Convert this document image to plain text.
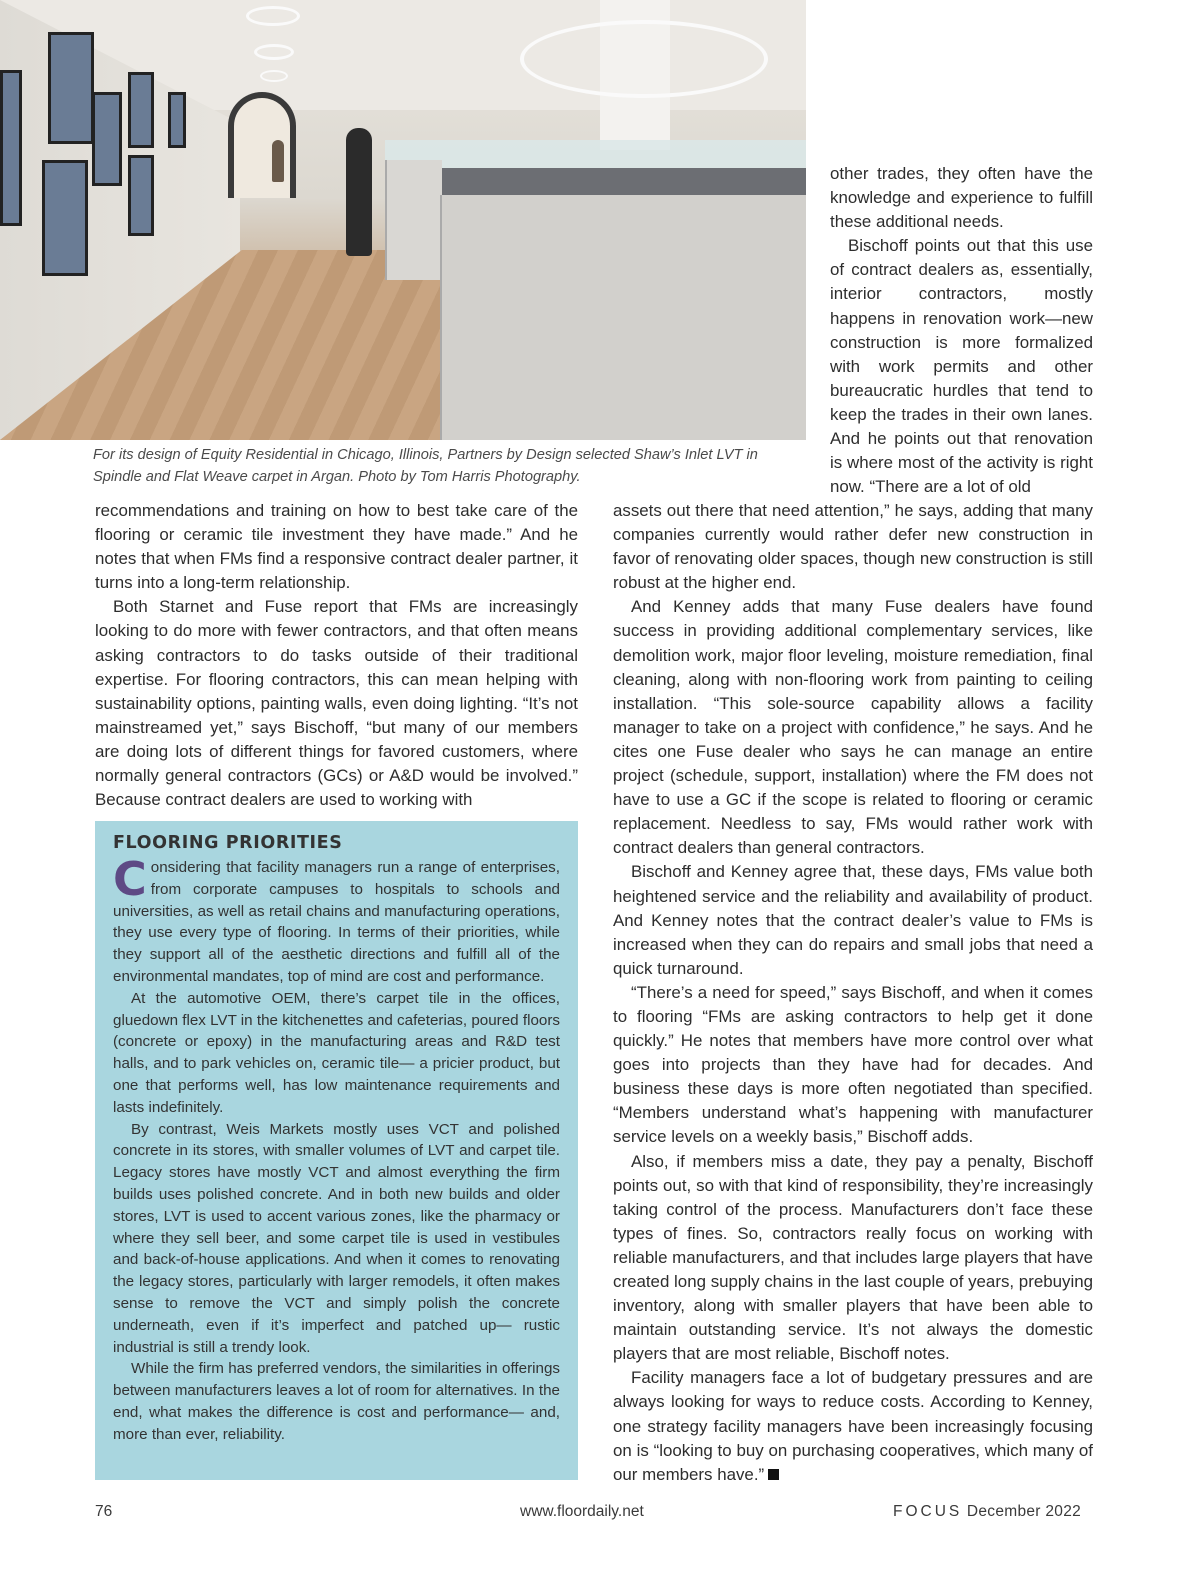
For its design of Equity Residential in Chicago, Illinois, Partners by Design selected Shaw’s Inlet LVT in Spindle and Flat Weave carpet in Argan. Photo by Tom Harris Photography.

other trades, they often have the knowledge and experience to fulfill these additional needs.

Bischoff points out that this use of contract dealers as, essentially, interior contractors, mostly happens in renovation work—new construction is more formalized with work permits and other bureaucratic hurdles that tend to keep the trades in their own lanes. And he points out that renovation is where most of the activity is right now. “There are a lot of old

recommendations and training on how to best take care of the flooring or ceramic tile investment they have made.” And he notes that when FMs find a responsive contract dealer partner, it turns into a long-term relationship.

Both Starnet and Fuse report that FMs are increasingly looking to do more with fewer contractors, and that often means asking contractors to do tasks outside of their traditional expertise. For flooring contractors, this can mean helping with sustainability options, painting walls, even doing lighting. “It’s not mainstreamed yet,” says Bischoff, “but many of our members are doing lots of different things for favored customers, where normally general contractors (GCs) or A&D would be involved.” Because contract dealers are used to working with

assets out there that need attention,” he says, adding that many companies currently would rather defer new construction in favor of renovating older spaces, though new construction is still robust at the higher end.

And Kenney adds that many Fuse dealers have found success in providing additional complementary services, like demolition work, major floor leveling, moisture remediation, final cleaning, along with non-flooring work from painting to ceiling installation. “This sole-source capability allows a facility manager to take on a project with confidence,” he says. And he cites one Fuse dealer who says he can manage an entire project (schedule, support, installation) where the FM does not have to use a GC if the scope is related to flooring or ceramic replacement. Needless to say, FMs would rather work with contract dealers than general contractors.

Bischoff and Kenney agree that, these days, FMs value both heightened service and the reliability and availability of product. And Kenney notes that the contract dealer’s value to FMs is increased when they can do repairs and small jobs that need a quick turnaround.

“There’s a need for speed,” says Bischoff, and when it comes to flooring “FMs are asking contractors to help get it done quickly.” He notes that members have more control over what goes into projects than they have had for decades. And business these days is more often negotiated than specified. “Members understand what’s happening with manufacturer service levels on a weekly basis,” Bischoff adds.

Also, if members miss a date, they pay a penalty, Bischoff points out, so with that kind of responsibility, they’re increasingly taking control of the process. Manufacturers don’t face these types of fines. So, contractors really focus on working with reliable manufacturers, and that includes large players that have created long supply chains in the last couple of years, prebuying inventory, along with smaller players that have been able to maintain outstanding service. It’s not always the domestic players that are most reliable, Bischoff notes.

Facility managers face a lot of budgetary pressures and are always looking for ways to reduce costs. According to Kenney, one strategy facility managers have been increasingly focusing on is “looking to buy on purchasing cooperatives, which many of our members have.”

FLOORING PRIORITIES

Considering that facility managers run a range of enterprises, from corporate campuses to hospitals to schools and universities, as well as retail chains and manufacturing operations, they use every type of flooring. In terms of their priorities, while they support all of the aesthetic directions and fulfill all of the environmental mandates, top of mind are cost and performance.

At the automotive OEM, there’s carpet tile in the offices, gluedown flex LVT in the kitchenettes and cafeterias, poured floors (concrete or epoxy) in the manufacturing areas and R&D test halls, and to park vehicles on, ceramic tile— a pricier product, but one that performs well, has low maintenance requirements and lasts indefinitely.

By contrast, Weis Markets mostly uses VCT and polished concrete in its stores, with smaller volumes of LVT and carpet tile. Legacy stores have mostly VCT and almost everything the firm builds uses polished concrete. And in both new builds and older stores, LVT is used to accent various zones, like the pharmacy or where they sell beer, and some carpet tile is used in vestibules and back-of-house applications. And when it comes to renovating the legacy stores, particularly with larger remodels, it often makes sense to remove the VCT and simply polish the concrete underneath, even if it’s imperfect and patched up— rustic industrial is still a trendy look.

While the firm has preferred vendors, the similarities in offerings between manufacturers leaves a lot of room for alternatives. In the end, what makes the difference is cost and performance— and, more than ever, reliability.

76	www.floordaily.net	FOCUS December 2022
